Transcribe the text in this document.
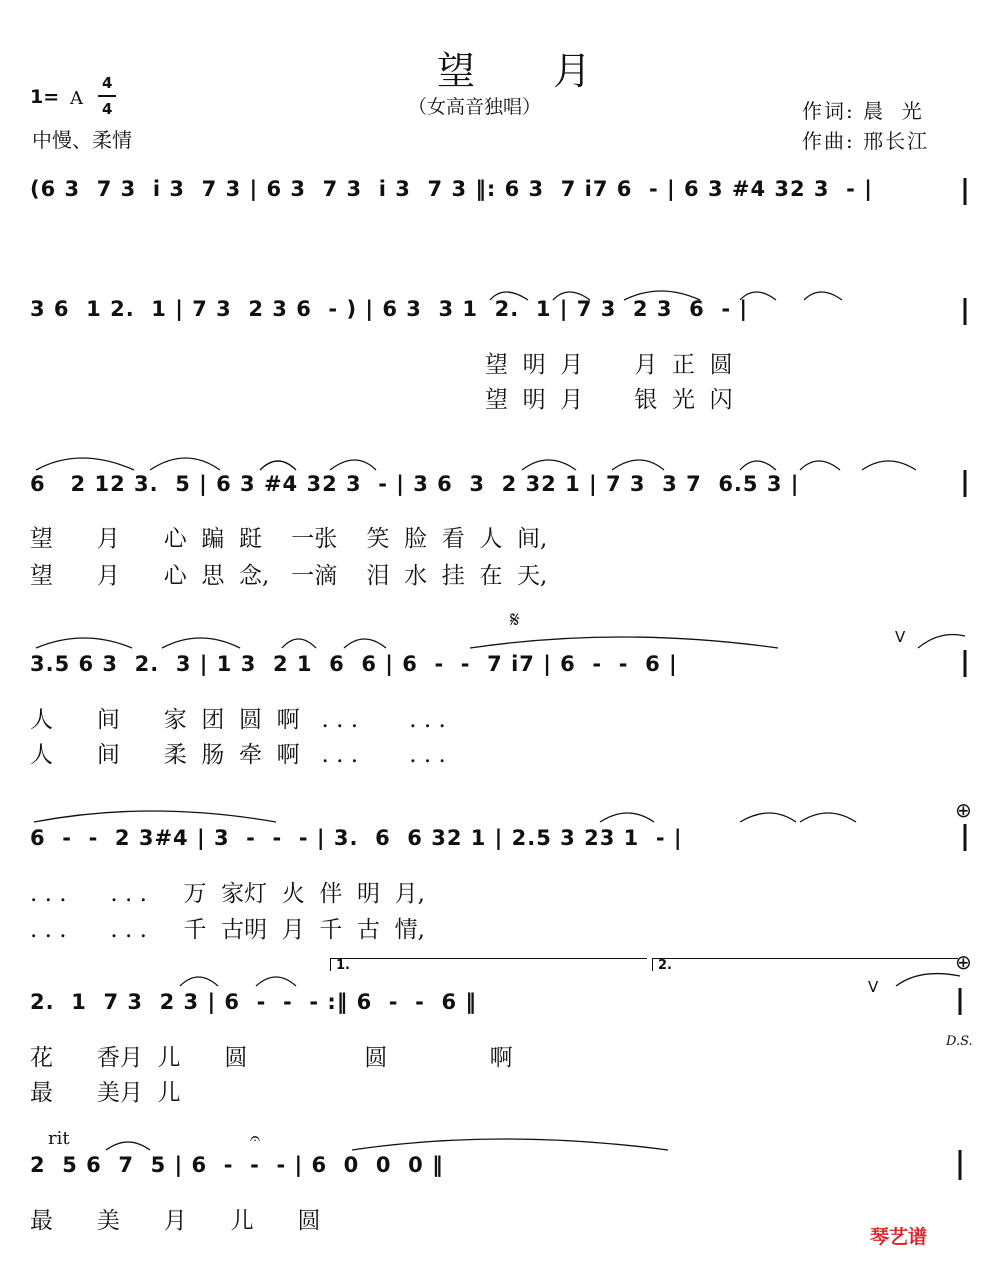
望  月
（女高音独唱）
1= A
4
4
中慢、柔情
作词: 晨  光
作曲: 邢长江
(6 3  7 3  i 3  7 3 | 6 3  7 3  i 3  7 3 ‖: 6 3  7 i7 6  - | 6 3 #4 32 3  - |
3 6  1 2.  1 | 7 3  2 3 6  - ) | 6 3  3 1  2.  1 | 7 3  2 3  6  - |
望  明  月       月  正  圆
望  明  月       银  光  闪
6   2 12 3.  5 | 6 3 #4 32 3  - | 3 6  3  2 32 1 | 7 3  3 7  6.5 3 |
望      月      心  蹁  跹    一张    笑  脸  看  人  间,
望      月      心  思  念,   一滴    泪  水  挂  在  天,
𝄋
V
3.5 6 3  2.  3 | 1 3  2 1  6  6 | 6  -  -  7 i7 | 6  -  -  6 |
人      间      家  团  圆  啊   . . .       . . .
人      间      柔  肠  牵  啊   . . .       . . .
⊕
6  -  -  2 3#4 | 3  -  -  - | 3.  6  6 32 1 | 2.5 3 23 1  - |
. . .      . . .     万  家灯  火  伴  明  月,
. . .      . . .     千  古明  月  千  古  情,
1.	2.	⊕
V
2.  1  7 3  2 3 | 6  -  -  - :‖ 6  -  -  6 ‖
花      香月  儿      圆                圆              啊
D.S.
最      美月  儿
rit	𝄐
2  5 6  7  5 | 6  -  -  - | 6  0  0  0 ‖
最      美      月      儿      圆
琴艺谱
